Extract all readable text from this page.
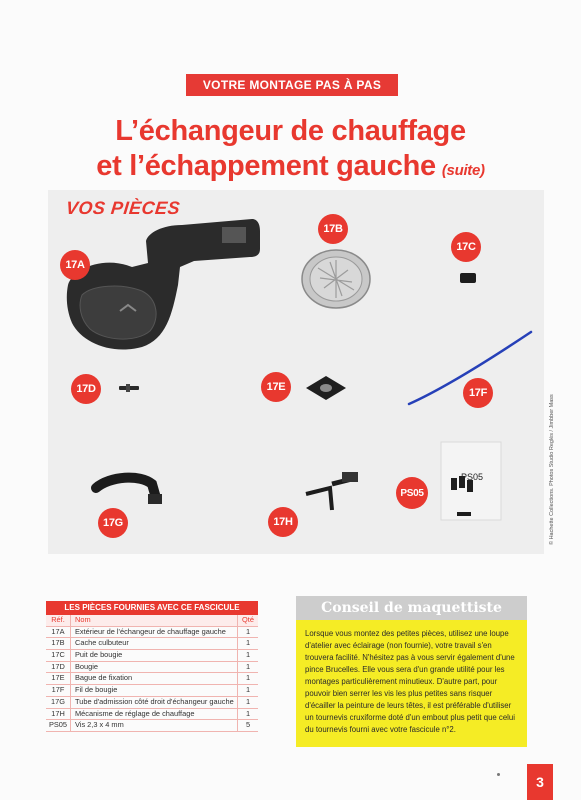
VOTRE MONTAGE PAS À PAS
L’échangeur de chauffage
et l’échappement gauche (suite)
VOS PIÈCES
© Hachette Collections. Photos Studio Reglès / Jimbber Mass
PS05
17A
17B
17C
17D	17E	17F
17G	17H
PS05
LES PIÈCES FOURNIES AVEC CE FASCICULE
Réf.	Nom	Qté
17A	Extérieur de l'échangeur de chauffage gauche	1
17B	Cache culbuteur	1
17C	Puit de bougie	1
17D	Bougie	1
17E	Bague de fixation	1
17F	Fil de bougie	1
17G	Tube d'admission côté droit d'échangeur gauche	1
17H	Mécanisme de réglage de chauffage	1
PS05	Vis 2,3 x 4 mm	5
Conseil de maquettiste
Lorsque vous montez des petites pièces, utilisez une loupe d'atelier avec éclairage (non fournie), votre travail s'en trouvera facilité. N'hésitez pas à vous servir également d'une pince Brucelles. Elle vous sera d'un grande utilité pour les montages particulièrement minutieux. D'autre part, pour pouvoir bien serrer les vis les plus petites sans risquer d'écailler la peinture de leurs têtes, il est préférable d'utiliser un tournevis cruxiforme doté d'un embout plus petit que celui du tournevis fourni avec votre fascicule n°2.
3
